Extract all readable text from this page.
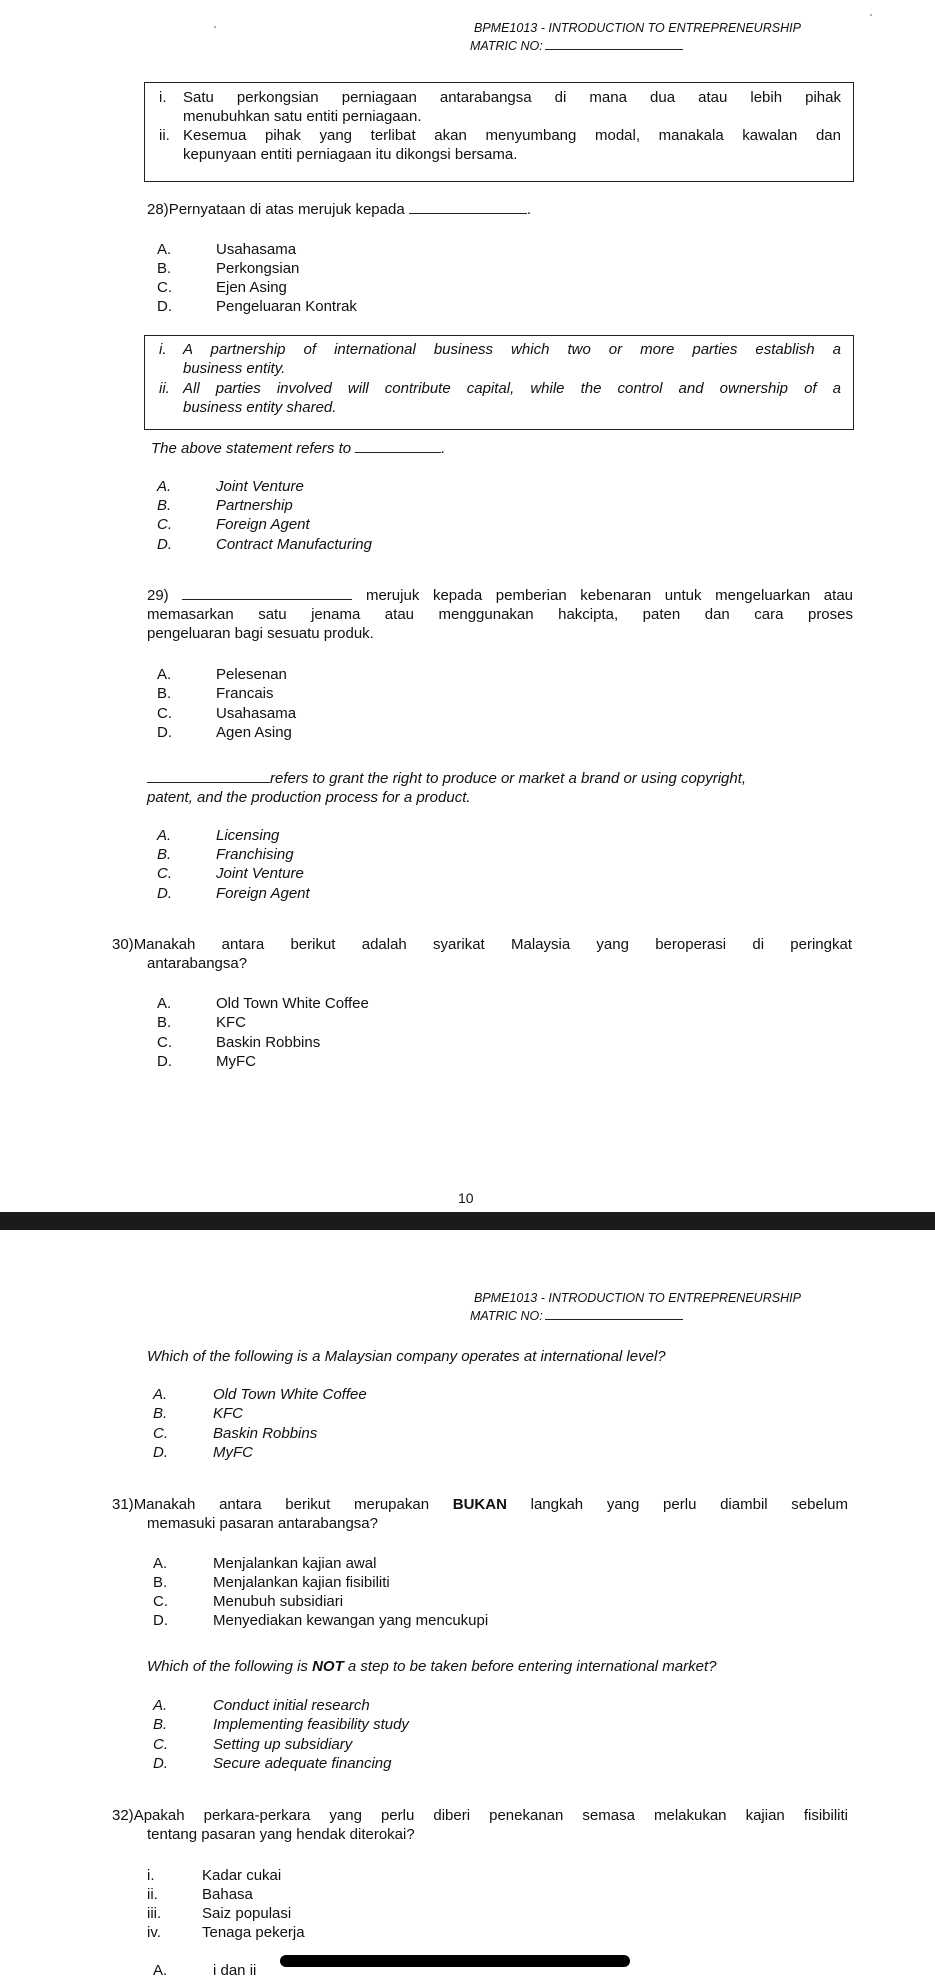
BPME1013 - INTRODUCTION TO ENTREPRENEURSHIP
MATRIC NO:
i.	Satu perkongsian perniagaan antarabangsa di mana dua atau lebih pihak
menubuhkan satu entiti perniagaan.
ii. Kesemua pihak yang terlibat akan menyumbang modal, manakala kawalan dan
kepunyaan entiti perniagaan itu dikongsi bersama.
28)Pernyataan di atas merujuk kepada	.
A.	Usahasama
B.	Perkongsian
C.	Ejen Asing
D.	Pengeluaran Kontrak
i.	A partnership of international business which two or more parties establish a
business entity.
ii. All parties involved will contribute capital, while the control and ownership of a
business entity shared.
The above statement refers to	.
A.	Joint Venture
B.	Partnership
C.	Foreign Agent
D.	Contract Manufacturing
29)	merujuk kepada pemberian kebenaran untuk mengeluarkan atau
memasarkan satu jenama atau menggunakan hakcipta, paten dan cara proses
pengeluaran bagi sesuatu produk.
A.	Pelesenan
B.	Francais
C.	Usahasama
D.	Agen Asing
refers to grant the right to produce or market a brand or using copyright,
patent, and the production process for a product.
A.	Licensing
B.	Franchising
C.	Joint Venture
D.	Foreign Agent
30)Manakah antara berikut adalah syarikat Malaysia yang beroperasi di peringkat
antarabangsa?
A.	Old Town White Coffee
B.	KFC
C.	Baskin Robbins
D.	MyFC
10
BPME1013 - INTRODUCTION TO ENTREPRENEURSHIP
MATRIC NO:
Which of the following is a Malaysian company operates at international level?
A.	Old Town White Coffee
B.	KFC
C.	Baskin Robbins
D.	MyFC
31)Manakah antara berikut merupakan BUKAN langkah yang perlu diambil sebelum
memasuki pasaran antarabangsa?
A.	Menjalankan kajian awal
B.	Menjalankan kajian fisibiliti
C.	Menubuh subsidiari
D.	Menyediakan kewangan yang mencukupi
Which of the following is NOT a step to be taken before entering international market?
A.	Conduct initial research
B.	Implementing feasibility study
C.	Setting up subsidiary
D.	Secure adequate financing
32)Apakah perkara-perkara yang perlu diberi penekanan semasa melakukan kajian fisibiliti
tentang pasaran yang hendak diterokai?
i.	Kadar cukai
ii.	Bahasa
iii.	Saiz populasi
iv.	Tenaga pekerja
A.	i dan ii
